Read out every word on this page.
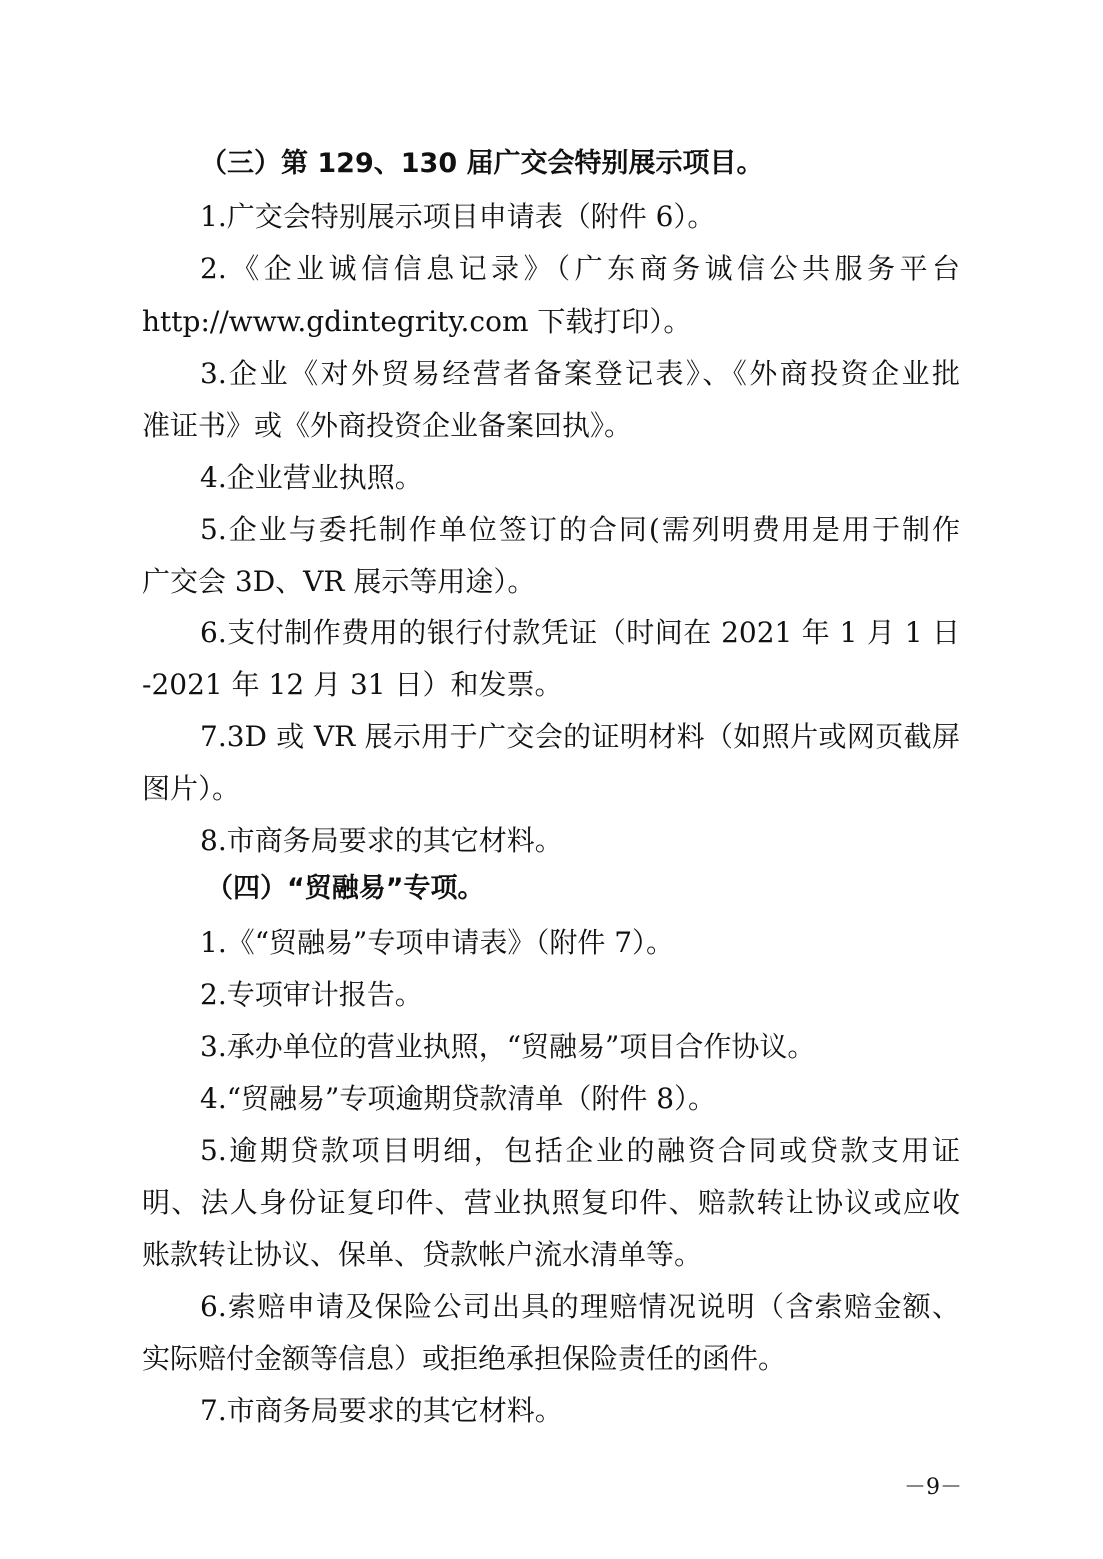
（三）第 129、130 届广交会特别展示项目。
1.广交会特别展示项目申请表（附件 6）。
2.《企业诚信信息记录》（广东商务诚信公共服务平台
http://www.gdintegrity.com 下载打印）。
3.企业《对外贸易经营者备案登记表》、《外商投资企业批
准证书》或《外商投资企业备案回执》。
4.企业营业执照。
5.企业与委托制作单位签订的合同(需列明费用是用于制作
广交会 3D、VR 展示等用途）。
6.支付制作费用的银行付款凭证（时间在 2021 年 1 月 1 日
-2021 年 12 月 31 日）和发票。
7.3D 或 VR 展示用于广交会的证明材料（如照片或网页截屏
图片）。
8.市商务局要求的其它材料。
（四）“贸融易”专项。
1.《“贸融易”专项申请表》（附件 7）。
2.专项审计报告。
3.承办单位的营业执照，“贸融易”项目合作协议。
4.“贸融易”专项逾期贷款清单（附件 8）。
5.逾期贷款项目明细，包括企业的融资合同或贷款支用证
明、法人身份证复印件、营业执照复印件、赔款转让协议或应收
账款转让协议、保单、贷款帐户流水清单等。
6.索赔申请及保险公司出具的理赔情况说明（含索赔金额、
实际赔付金额等信息）或拒绝承担保险责任的函件。
7.市商务局要求的其它材料。
－9－
